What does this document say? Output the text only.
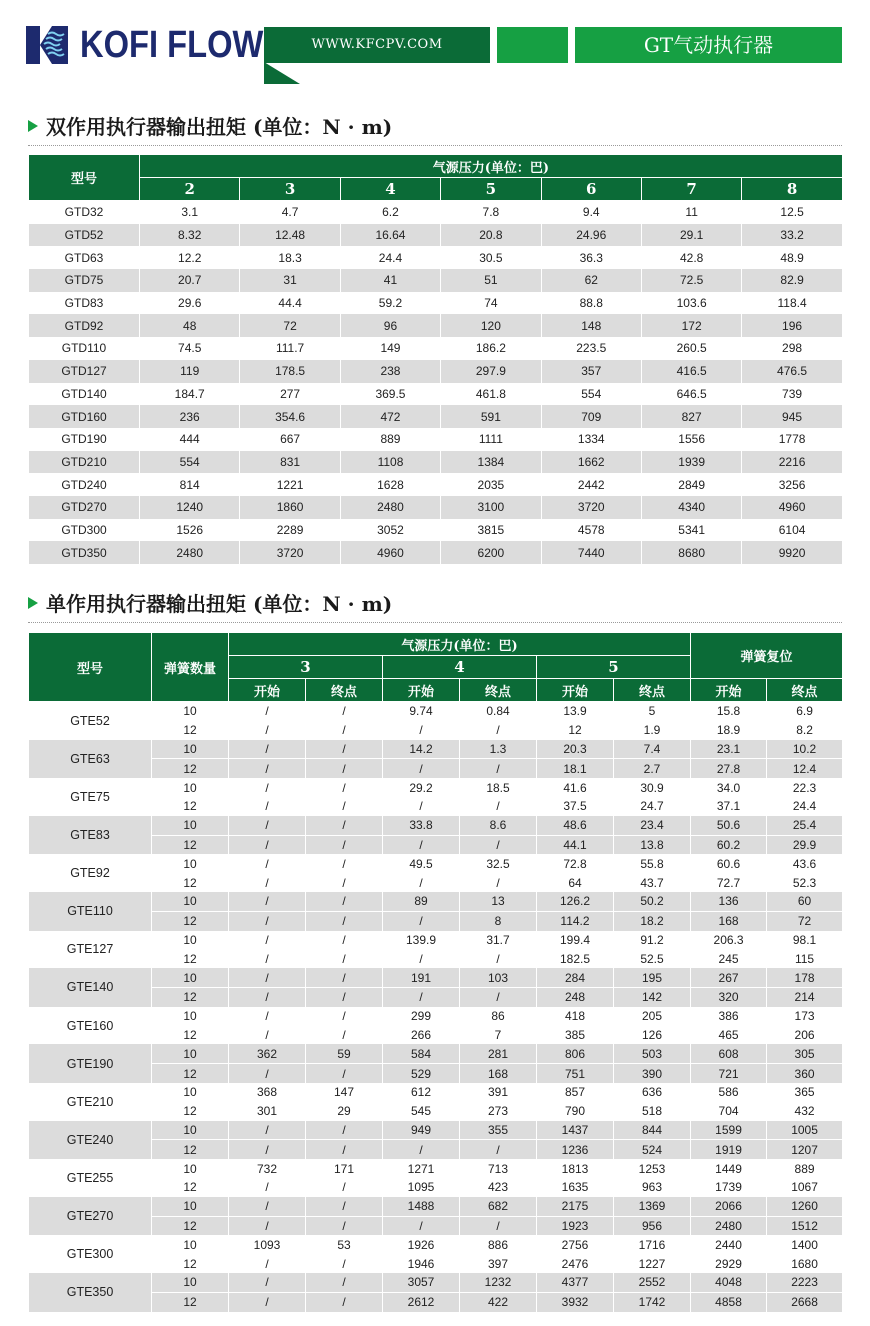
KOFI FLOW	WWW.KFCPV.COM	GT气动执行器
双作用执行器输出扭矩 (单位：N · m)
型号	气源压力(单位：巴)						
	2	3	4	5	6	7	8
GTD32	3.1	4.7	6.2	7.8	9.4	11	12.5
GTD52	8.32	12.48	16.64	20.8	24.96	29.1	33.2
GTD63	12.2	18.3	24.4	30.5	36.3	42.8	48.9
GTD75	20.7	31	41	51	62	72.5	82.9
GTD83	29.6	44.4	59.2	74	88.8	103.6	118.4
GTD92	48	72	96	120	148	172	196
GTD110	74.5	111.7	149	186.2	223.5	260.5	298
GTD127	119	178.5	238	297.9	357	416.5	476.5
GTD140	184.7	277	369.5	461.8	554	646.5	739
GTD160	236	354.6	472	591	709	827	945
GTD190	444	667	889	1111	1334	1556	1778
GTD210	554	831	1108	1384	1662	1939	2216
GTD240	814	1221	1628	2035	2442	2849	3256
GTD270	1240	1860	2480	3100	3720	4340	4960
GTD300	1526	2289	3052	3815	4578	5341	6104
GTD350	2480	3720	4960	6200	7440	8680	9920
单作用执行器输出扭矩 (单位：N · m)
型号	弹簧数量	气源压力(单位：巴)						弹簧复位	
		3		4		5			
		开始	终点	开始	终点	开始	终点	开始	终点
GTE52	10	/	/	9.74	0.84	13.9	5	15.8	6.9
	12	/	/	/	/	12	1.9	18.9	8.2
GTE63	10	/	/	14.2	1.3	20.3	7.4	23.1	10.2
	12	/	/	/	/	18.1	2.7	27.8	12.4
GTE75	10	/	/	29.2	18.5	41.6	30.9	34.0	22.3
	12	/	/	/	/	37.5	24.7	37.1	24.4
GTE83	10	/	/	33.8	8.6	48.6	23.4	50.6	25.4
	12	/	/	/	/	44.1	13.8	60.2	29.9
GTE92	10	/	/	49.5	32.5	72.8	55.8	60.6	43.6
	12	/	/	/	/	64	43.7	72.7	52.3
GTE110	10	/	/	89	13	126.2	50.2	136	60
	12	/	/	/	8	114.2	18.2	168	72
GTE127	10	/	/	139.9	31.7	199.4	91.2	206.3	98.1
	12	/	/	/	/	182.5	52.5	245	115
GTE140	10	/	/	191	103	284	195	267	178
	12	/	/	/	/	248	142	320	214
GTE160	10	/	/	299	86	418	205	386	173
	12	/	/	266	7	385	126	465	206
GTE190	10	362	59	584	281	806	503	608	305
	12	/	/	529	168	751	390	721	360
GTE210	10	368	147	612	391	857	636	586	365
	12	301	29	545	273	790	518	704	432
GTE240	10	/	/	949	355	1437	844	1599	1005
	12	/	/	/	/	1236	524	1919	1207
GTE255	10	732	171	1271	713	1813	1253	1449	889
	12	/	/	1095	423	1635	963	1739	1067
GTE270	10	/	/	1488	682	2175	1369	2066	1260
	12	/	/	/	/	1923	956	2480	1512
GTE300	10	1093	53	1926	886	2756	1716	2440	1400
	12	/	/	1946	397	2476	1227	2929	1680
GTE350	10	/	/	3057	1232	4377	2552	4048	2223
	12	/	/	2612	422	3932	1742	4858	2668
